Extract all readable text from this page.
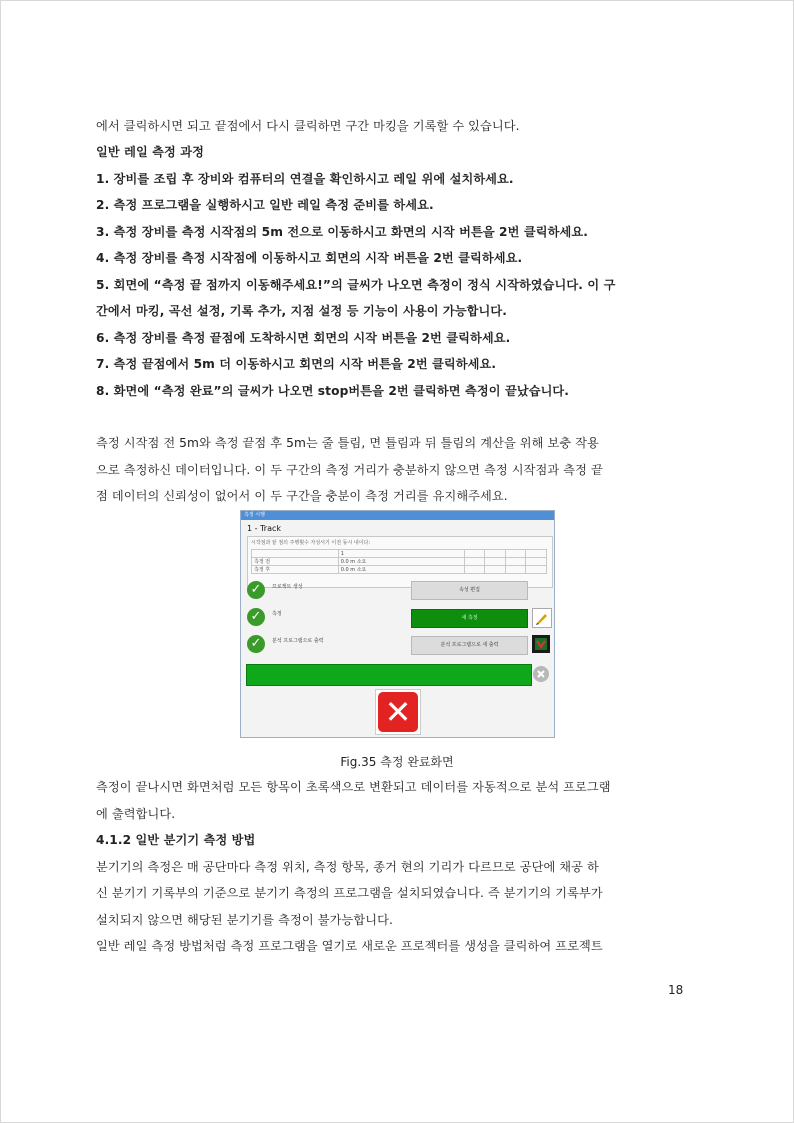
에서 클릭하시면 되고 끝점에서 다시 클릭하면 구간 마킹을 기록할 수 있습니다.
일반 레일 측정 과정
1. 장비를 조립 후 장비와 컴퓨터의 연결을 확인하시고 레일 위에 설치하세요.
2. 측정 프로그램을 실행하시고 일반 레일 측정 준비를 하세요.
3. 측정 장비를 측정 시작점의 5m 전으로 이동하시고 화면의 시작 버튼을 2번 클릭하세요.
4. 측정 장비를 측정 시작점에 이동하시고 회면의 시작 버튼을 2번 클릭하세요.
5. 회면에 “측정 끝 점까지 이동해주세요!”의 글씨가 나오면 측정이 정식 시작하였습니다. 이 구
간에서 마킹, 곡선 설정, 기록 추가, 지점 설정 등 기능이 사용이 가능합니다.
6. 측정 장비를 측정 끝점에 도착하시면 회면의 시작 버튼을 2번 클릭하세요.
7. 측정 끝점에서 5m 더 이동하시고 회면의 시작 버튼을 2번 클릭하세요.
8. 화면에 “측정 완료”의 글씨가 나오면 stop버튼을 2번 클릭하면 측정이 끝났습니다.
측정 시작점 전 5m와 측정 끝점 후 5m는 줄 틀림, 면 틀림과 뒤 틀림의 계산을 위해 보충 작용
으로 측정하신 데이터입니다. 이 두 구간의 측정 거리가 충분하지 않으면 측정 시작점과 측정 끝
점 데이터의 신뢰성이 없어서 이 두 구간을 충분이 측정 거리를 유지해주세요.
측정 시행
1 - Track
시작점과 끝 점의 주행횟수 자성서기 이전 동시 내이다:
	1				
측정 전	0.0 m 소요				
측정 후	0.0 m 소요				
✓	프로젝트 생성	속성 편집
✓	측정
새 측정
✓	분석 프로그램으로 출력
분석 프로그램으로 새 출력
✕
Fig.35 측정 완료화면
측정이 끝나시면 화면처럼 모든 항목이 초록색으로 변환되고 데이터를 자동적으로 분석 프로그램
에 출력합니다.
4.1.2 일반 분기기 측정 방법
분기기의 측정은 매 공단마다 측정 위치, 측정 항목, 종거 현의 기리가 다르므로 공단에 채공 하
신 분기기 기록부의 기준으로 분기기 측정의 프로그램을 설치되였습니다. 즉 분기기의 기록부가
설치되지 않으면 해당된 분기기를 측정이 불가능합니다.
일반 레일 측정 방법처럼 측정 프로그램을 열기로 새로운 프로젝터를 생성을 클릭하여 프로젝트
18
